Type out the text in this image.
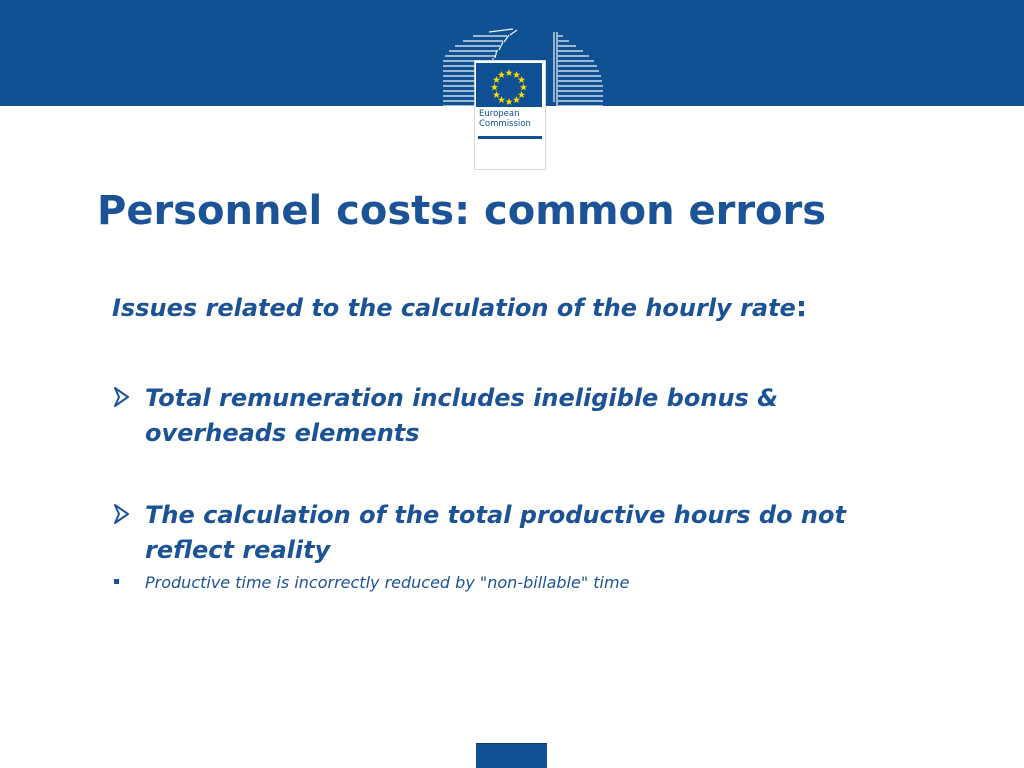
European
Commission
Personnel costs: common errors

Issues related to the calculation of the hourly rate:

Total remuneration includes ineligible bonus & overheads elements

The calculation of the total productive hours do not reflect reality

Productive time is incorrectly reduced by "non-billable" time
